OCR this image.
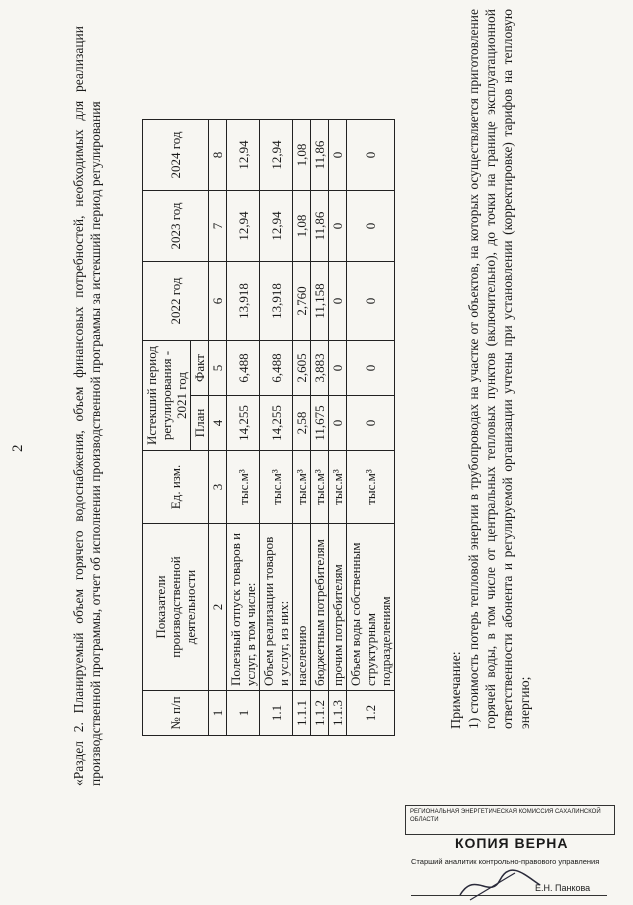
2	«Раздел 2. Планируемый объем горячего водоснабжения, объем финансовых потребностей, необходимых для реализации производственной программы, отчет об исполнении производственной программы за истекший период регулирования	№ п/п	Показатели производственной деятельности	Ед. изм.	Истекший период регулирования - 2021 год		2022 год	2023 год	2024 год
			План	Факт			

1	2	3	4	5	6	7	8
1	Полезный отпуск товаров и услуг, в том числе:	тыс.м³	14,255	6,488	13,918	12,94	12,94
1.1	Объем реализации товаров и услуг, из них:	тыс.м³	14,255	6,488	13,918	12,94	12,94
1.1.1	населению	тыс.м³	2,58	2,605	2,760	1,08	1,08
1.1.2	бюджетным потребителям	тыс.м³	11,675	3,883	11,158	11,86	11,86
1.1.3	прочим потребителям	тыс.м³	0	0	0	0	0
1.2	Объем воды собственным структурным подразделениям	тыс.м³	0	0	0	0	0
Примечание: 1) стоимость потерь тепловой энергии в трубопроводах на участке от объектов, на которых осуществляется приготовление горячей воды, в том числе от центральных тепловых пунктов (включительно), до точки на границе эксплуатационной ответственности абонента и регулируемой организации учтены при установлении (корректировке) тарифов на тепловую энергию;
РЕГИОНАЛЬНАЯ ЭНЕРГЕТИЧЕСКАЯ КОМИССИЯ САХАЛИНСКОЙ ОБЛАСТИ
КОПИЯ ВЕРНА
Старший аналитик контрольно-правового управления
Е.Н. Панкова
